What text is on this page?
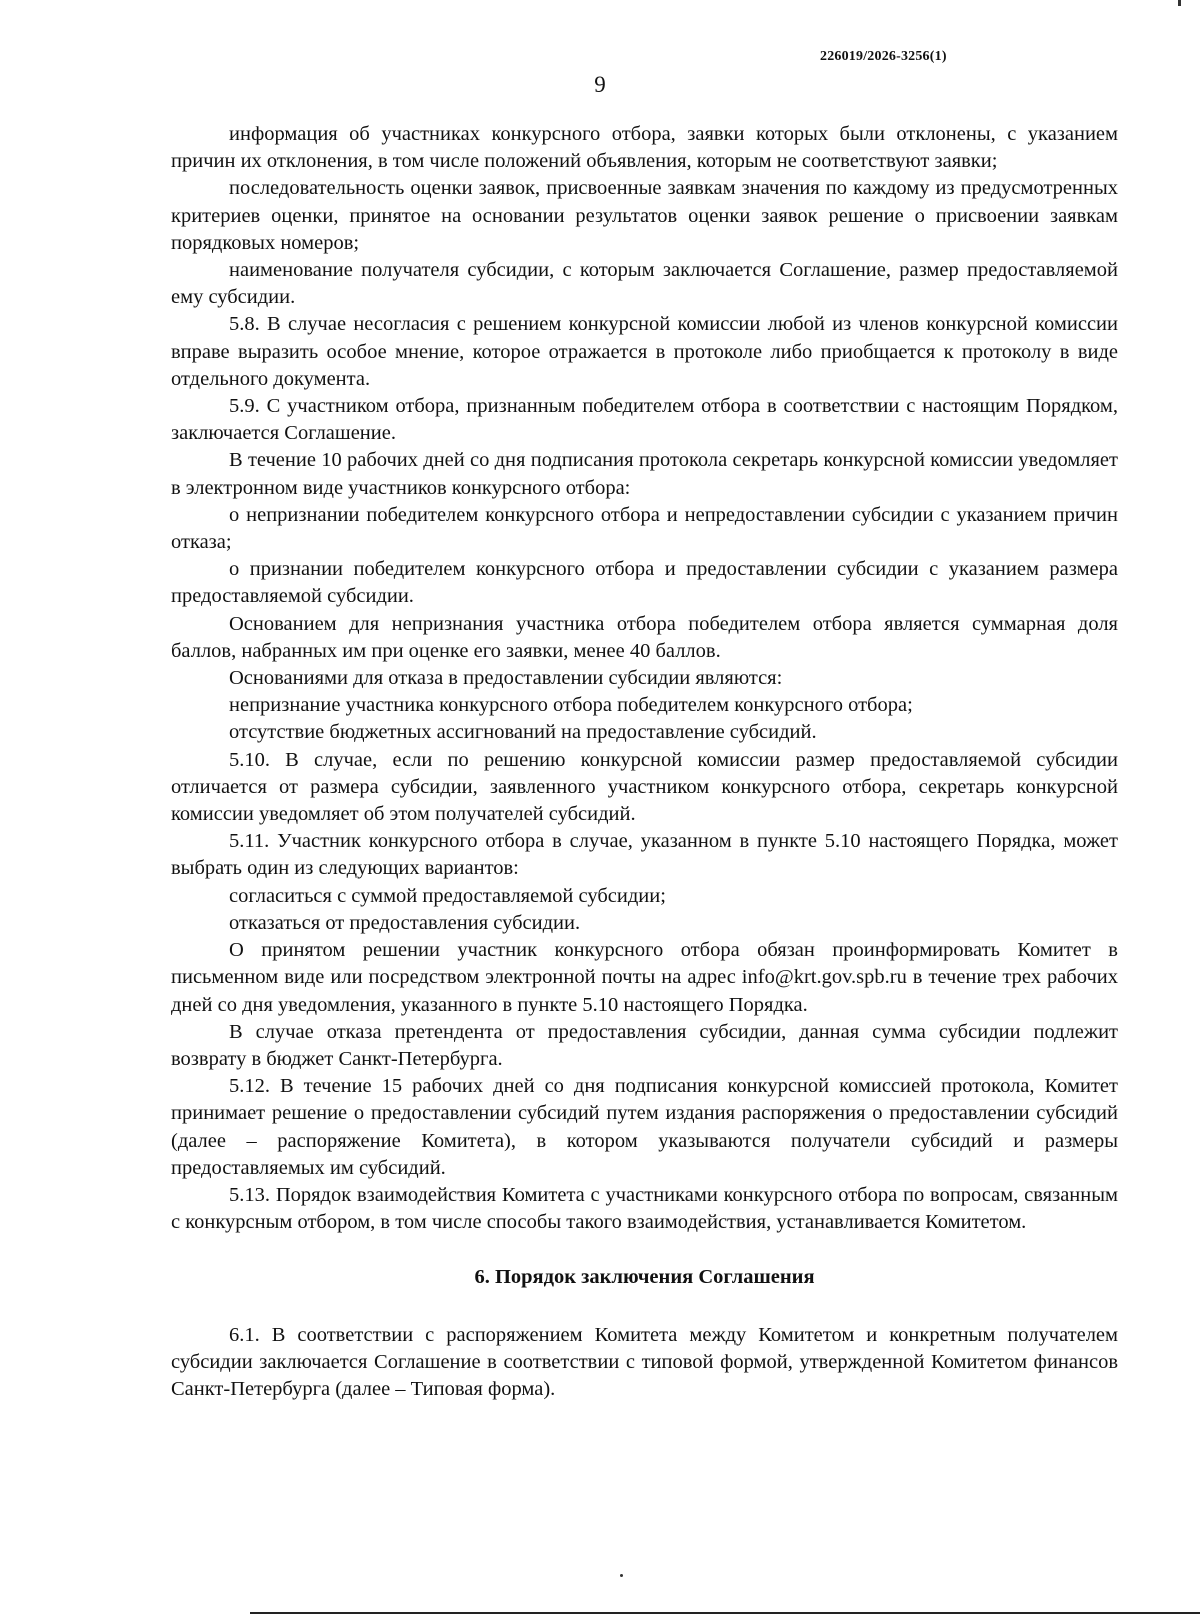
226019/2026-3256(1)
9

информация об участниках конкурсного отбора, заявки которых были отклонены, с указанием причин их отклонения, в том числе положений объявления, которым не соответствуют заявки;

последовательность оценки заявок, присвоенные заявкам значения по каждому из предусмотренных критериев оценки, принятое на основании результатов оценки заявок решение о присвоении заявкам порядковых номеров;

наименование получателя субсидии, с которым заключается Соглашение, размер предоставляемой ему субсидии.

5.8. В случае несогласия с решением конкурсной комиссии любой из членов конкурсной комиссии вправе выразить особое мнение, которое отражается в протоколе либо приобщается к протоколу в виде отдельного документа.

5.9. С участником отбора, признанным победителем отбора в соответствии с настоящим Порядком, заключается Соглашение.

В течение 10 рабочих дней со дня подписания протокола секретарь конкурсной комиссии уведомляет в электронном виде участников конкурсного отбора:

о непризнании победителем конкурсного отбора и непредоставлении субсидии с указанием причин отказа;

о признании победителем конкурсного отбора и предоставлении субсидии с указанием размера предоставляемой субсидии.

Основанием для непризнания участника отбора победителем отбора является суммарная доля баллов, набранных им при оценке его заявки, менее 40 баллов.

Основаниями для отказа в предоставлении субсидии являются:

непризнание участника конкурсного отбора победителем конкурсного отбора;

отсутствие бюджетных ассигнований на предоставление субсидий.

5.10. В случае, если по решению конкурсной комиссии размер предоставляемой субсидии отличается от размера субсидии, заявленного участником конкурсного отбора, секретарь конкурсной комиссии уведомляет об этом получателей субсидий.

5.11. Участник конкурсного отбора в случае, указанном в пункте 5.10 настоящего Порядка, может выбрать один из следующих вариантов:

согласиться с суммой предоставляемой субсидии;

отказаться от предоставления субсидии.

О принятом решении участник конкурсного отбора обязан проинформировать Комитет в письменном виде или посредством электронной почты на адрес info@krt.gov.spb.ru в течение трех рабочих дней со дня уведомления, указанного в пункте 5.10 настоящего Порядка.

В случае отказа претендента от предоставления субсидии, данная сумма субсидии подлежит возврату в бюджет Санкт-Петербурга.

5.12. В течение 15 рабочих дней со дня подписания конкурсной комиссией протокола, Комитет принимает решение о предоставлении субсидий путем издания распоряжения о предоставлении субсидий (далее – распоряжение Комитета), в котором указываются получатели субсидий и размеры предоставляемых им субсидий.

5.13. Порядок взаимодействия Комитета с участниками конкурсного отбора по вопросам, связанным с конкурсным отбором, в том числе способы такого взаимодействия, устанавливается Комитетом.

6. Порядок заключения Соглашения

6.1. В соответствии с распоряжением Комитета между Комитетом и конкретным получателем субсидии заключается Соглашение в соответствии с типовой формой, утвержденной Комитетом финансов Санкт-Петербурга (далее – Типовая форма).
